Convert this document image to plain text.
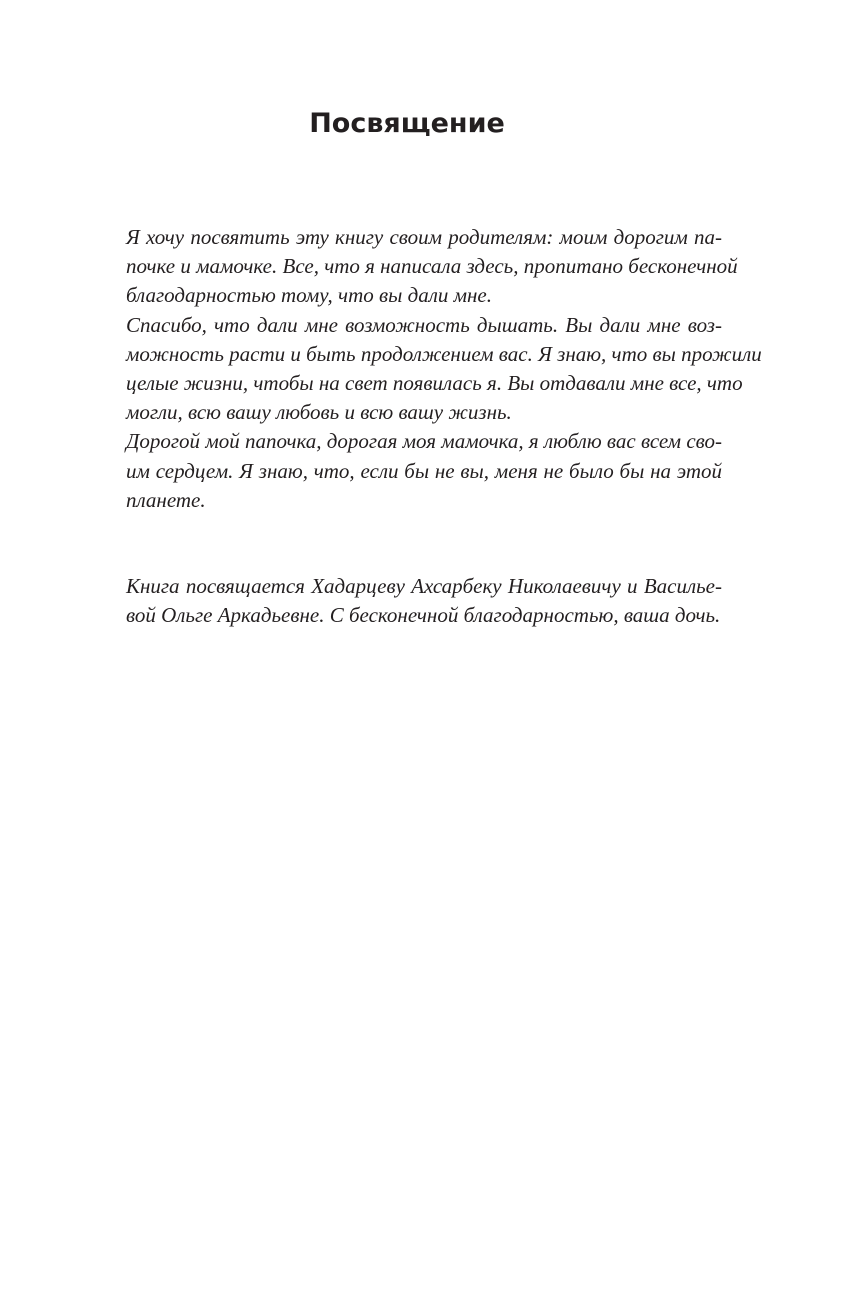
Посвящение

Я хочу посвятить эту книгу своим родителям: моим дорогим па-
почке и мамочке. Все, что я написала здесь, пропитано бесконечной
благодарностью тому, что вы дали мне.

Спасибо, что дали мне возможность дышать. Вы дали мне воз-
можность расти и быть продолжением вас. Я знаю, что вы прожили
целые жизни, чтобы на свет появилась я. Вы отдавали мне все, что
могли, всю вашу любовь и всю вашу жизнь.

Дорогой мой папочка, дорогая моя мамочка, я люблю вас всем сво-
им сердцем. Я знаю, что, если бы не вы, меня не было бы на этой
планете.

Книга посвящается Хадарцеву Ахсарбеку Николаевичу и Василье-
вой Ольге Аркадьевне. С бесконечной благодарностью, ваша дочь.
